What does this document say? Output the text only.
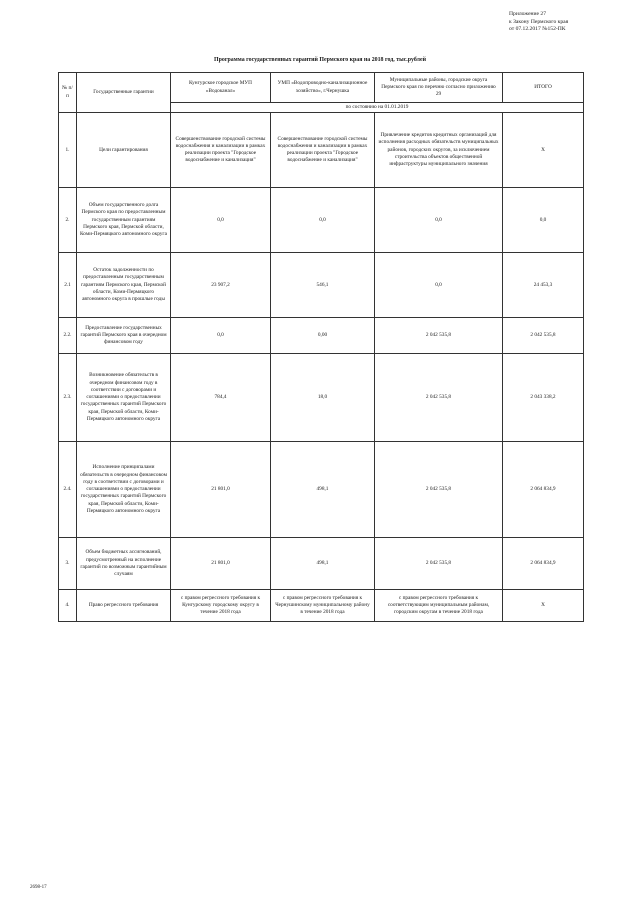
Приложение 27
к Закону Пермского края
от 07.12.2017 №152-ПК
Программа государственных гарантий Пермского края на 2018 год, тыс.рублей
№ п/п	Государственные гарантии	Кунгурское городское МУП «Водоканал»	УМП «Водопроводно-канализационное хозяйство», г.Чернушка	Муниципальные районы, городские округа Пермского края по перечню согласно приложению 29	ИТОГО
		по состоянию на 01.01.2019			
1.	Цели гарантирования	Совершенствование городской системы водоснабжения и канализации в рамках реализации проекта "Городское водоснабжение и канализация"	Совершенствование городской системы водоснабжения и канализации в рамках реализации проекта "Городское водоснабжение и канализация"	Привлечение кредитов кредитных организаций для исполнения расходных обязательств муниципальных районов, городских округов, за исключением строительства объектов общественной инфраструктуры муниципального значения	Х
2.	Объем государственного долга Пермского края по предоставленным государственным гарантиям Пермского края, Пермской области, Коми-Пермяцкого автономного округа	0,0	0,0	0,0	0,0
2.1	Остаток задолженности по предоставленным государственным гарантиям Пермского края, Пермской области, Коми-Пермяцкого автономного округа в прошлые годы	23 907,2	546,1	0,0	24 453,3
2.2.	Предоставление государственных гарантий Пермского края в очередном финансовом году	0,0	0,00	2 042 535,8	2 042 535,8
2.3.	Возникновение обязательств в очередном финансовом году в соответствии с договорами и соглашениями о предоставлении государственных гарантий Пермского края, Пермской области, Коми-Пермяцкого автономного округа	784,4	18,0	2 042 535,8	2 043 338,2
2.4.	Исполнение принципалами обязательств в очередном финансовом году в соответствии с договорами и соглашениями о предоставлении государственных гарантий Пермского края, Пермской области, Коми-Пермяцкого автономного округа	21 801,0	498,1	2 042 535,8	2 064 834,9
3.	Объем бюджетных ассигнований, предусмотренный на исполнение гарантий по возможным гарантийным случаям	21 801,0	498,1	2 042 535,8	2 064 834,9
4.	Право регрессного требования	с правом регрессного требования к Кунгурскому городскому округу в течение 2018 года	с правом регрессного требования к Чернушинскому муниципальному району в течение 2018 года	с правом регрессного требования к соответствующим муниципальным районам, городским округам в течение 2018 года	Х
2698-17
